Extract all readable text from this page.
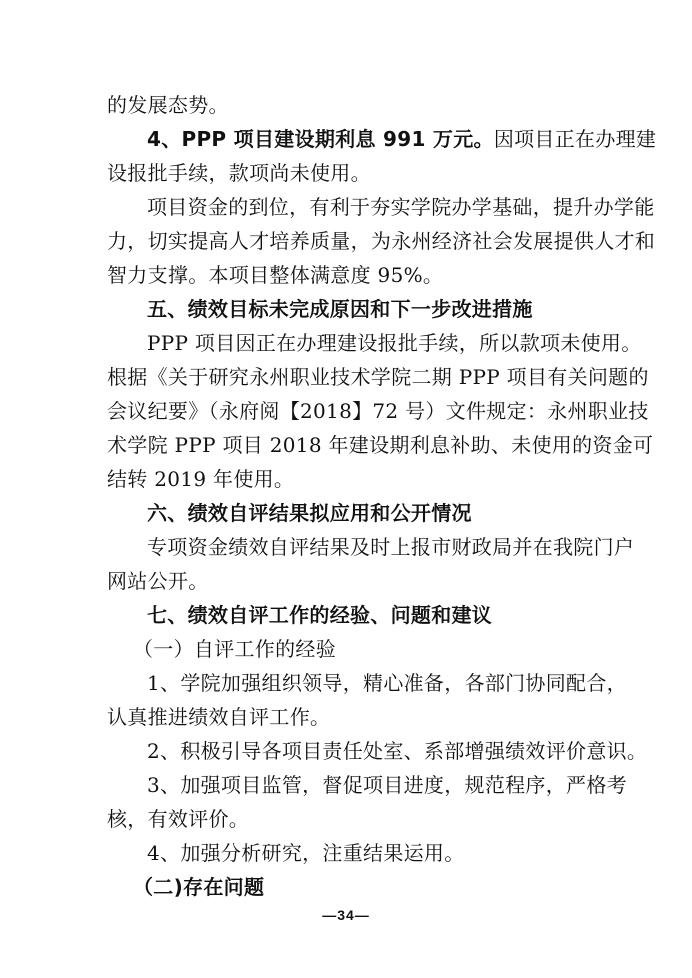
的发展态势。
4、PPP 项目建设期利息 991 万元。因项目正在办理建
设报批手续，款项尚未使用。
项目资金的到位，有利于夯实学院办学基础，提升办学能
力，切实提高人才培养质量，为永州经济社会发展提供人才和
智力支撑。本项目整体满意度 95%。
五、绩效目标未完成原因和下一步改进措施
PPP 项目因正在办理建设报批手续，所以款项未使用。
根据《关于研究永州职业技术学院二期 PPP 项目有关问题的
会议纪要》（永府阅【2018】72 号）文件规定：永州职业技
术学院 PPP 项目 2018 年建设期利息补助、未使用的资金可
结转 2019 年使用。
六、绩效自评结果拟应用和公开情况
专项资金绩效自评结果及时上报市财政局并在我院门户
网站公开。
七、绩效自评工作的经验、问题和建议
（一）自评工作的经验
1、学院加强组织领导，精心准备，各部门协同配合，
认真推进绩效自评工作。
2、积极引导各项目责任处室、系部增强绩效评价意识。
3、加强项目监管，督促项目进度，规范程序，严格考
核，有效评价。
4、加强分析研究，注重结果运用。
（二)存在问题
—34—
